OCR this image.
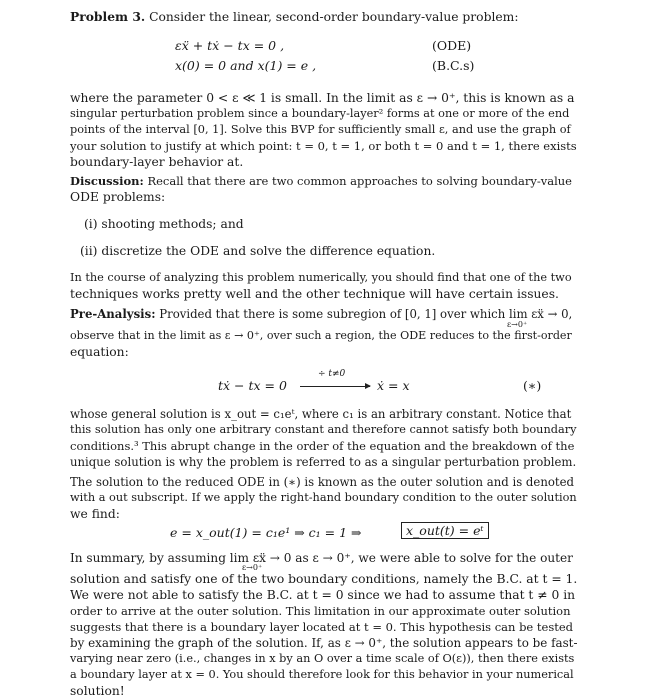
Problem 3. Consider the linear, second-order boundary-value problem:
εẍ + tẋ − tx = 0 ,	(ODE)
x(0) = 0 and x(1) = e ,	(B.C.s)
where the parameter 0 < ε ≪ 1 is small. In the limit as ε → 0⁺, this is known as a
singular perturbation problem since a boundary-layer² forms at one or more of the end
points of the interval [0, 1]. Solve this BVP for sufficiently small ε, and use the graph of
your solution to justify at which point: t = 0, t = 1, or both t = 0 and t = 1, there exists
boundary-layer behavior at.
Discussion: Recall that there are two common approaches to solving boundary-value
ODE problems:
(i) shooting methods; and
(ii) discretize the ODE and solve the difference equation.
In the course of analyzing this problem numerically, you should find that one of the two
techniques works pretty well and the other technique will have certain issues.
Pre-Analysis: Provided that there is some subregion of [0, 1] over which lim εẍ → 0,
ε→0⁺
observe that in the limit as ε → 0⁺, over such a region, the ODE reduces to the first-order
equation:
tẋ − tx = 0
÷ t≠0
ẋ = x	(∗)
whose general solution is x_out = c₁eᵗ, where c₁ is an arbitrary constant. Notice that
this solution has only one arbitrary constant and therefore cannot satisfy both boundary
conditions.³ This abrupt change in the order of the equation and the breakdown of the
unique solution is why the problem is referred to as a singular perturbation problem.
The solution to the reduced ODE in (∗) is known as the outer solution and is denoted
with a out subscript. If we apply the right-hand boundary condition to the outer solution
we find:
e = x_out(1) = c₁e¹ ⇒ c₁ = 1 ⇒	x_out(t) = eᵗ
In summary, by assuming lim εẍ → 0 as ε → 0⁺, we were able to solve for the outer
ε→0⁺
solution and satisfy one of the two boundary conditions, namely the B.C. at t = 1.
We were not able to satisfy the B.C. at t = 0 since we had to assume that t ≠ 0 in
order to arrive at the outer solution. This limitation in our approximate outer solution
suggests that there is a boundary layer located at t = 0. This hypothesis can be tested
by examining the graph of the solution. If, as ε → 0⁺, the solution appears to be fast-
varying near zero (i.e., changes in x by an O over a time scale of O(ε)), then there exists
a boundary layer at x = 0. You should therefore look for this behavior in your numerical
solution!
